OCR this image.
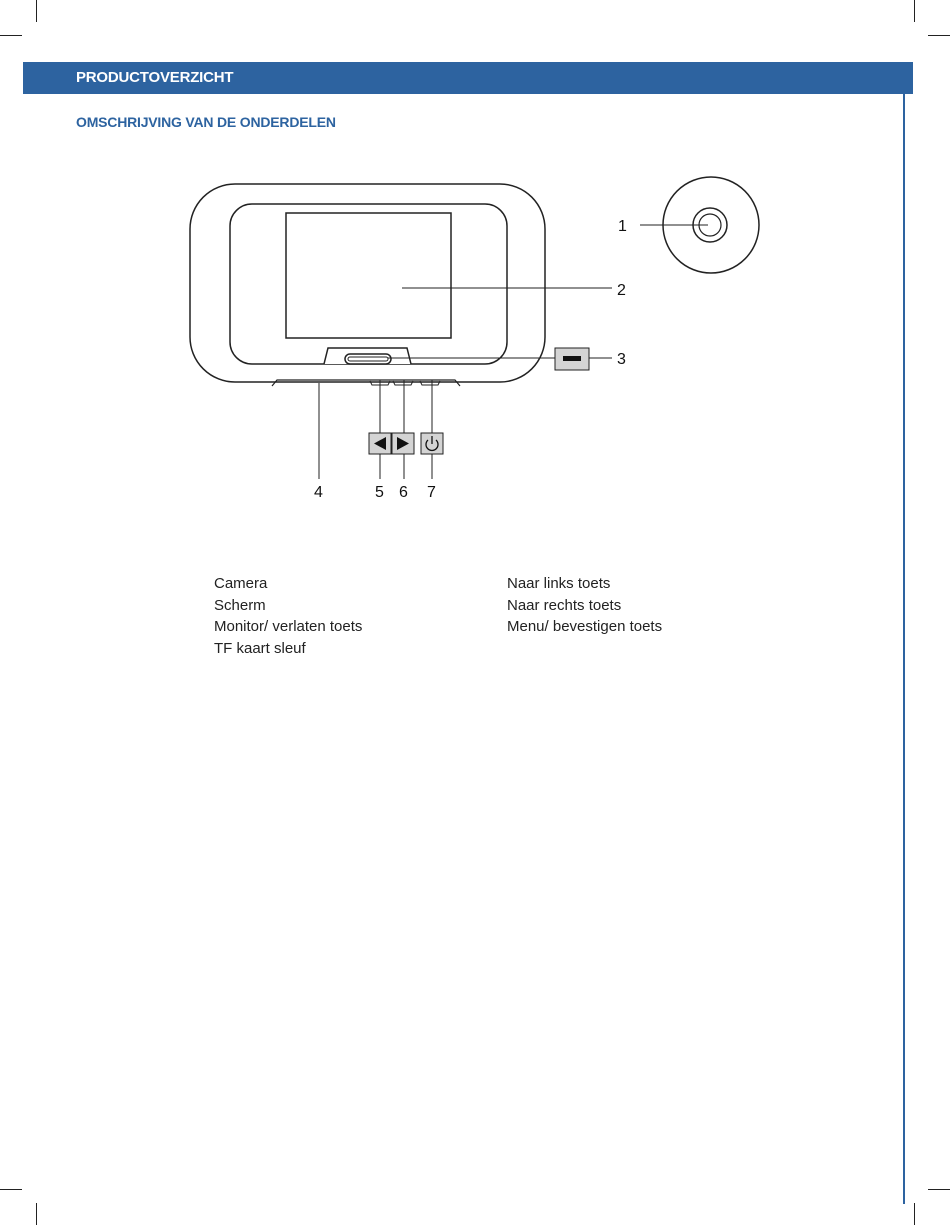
PRODUCTOVERZICHT
OMSCHRIJVING VAN DE ONDERDELEN
1
2
3
4	5 6 7
Camera
Scherm
Monitor/ verlaten toets
TF kaart sleuf
Naar links toets
Naar rechts toets
Menu/ bevestigen toets
